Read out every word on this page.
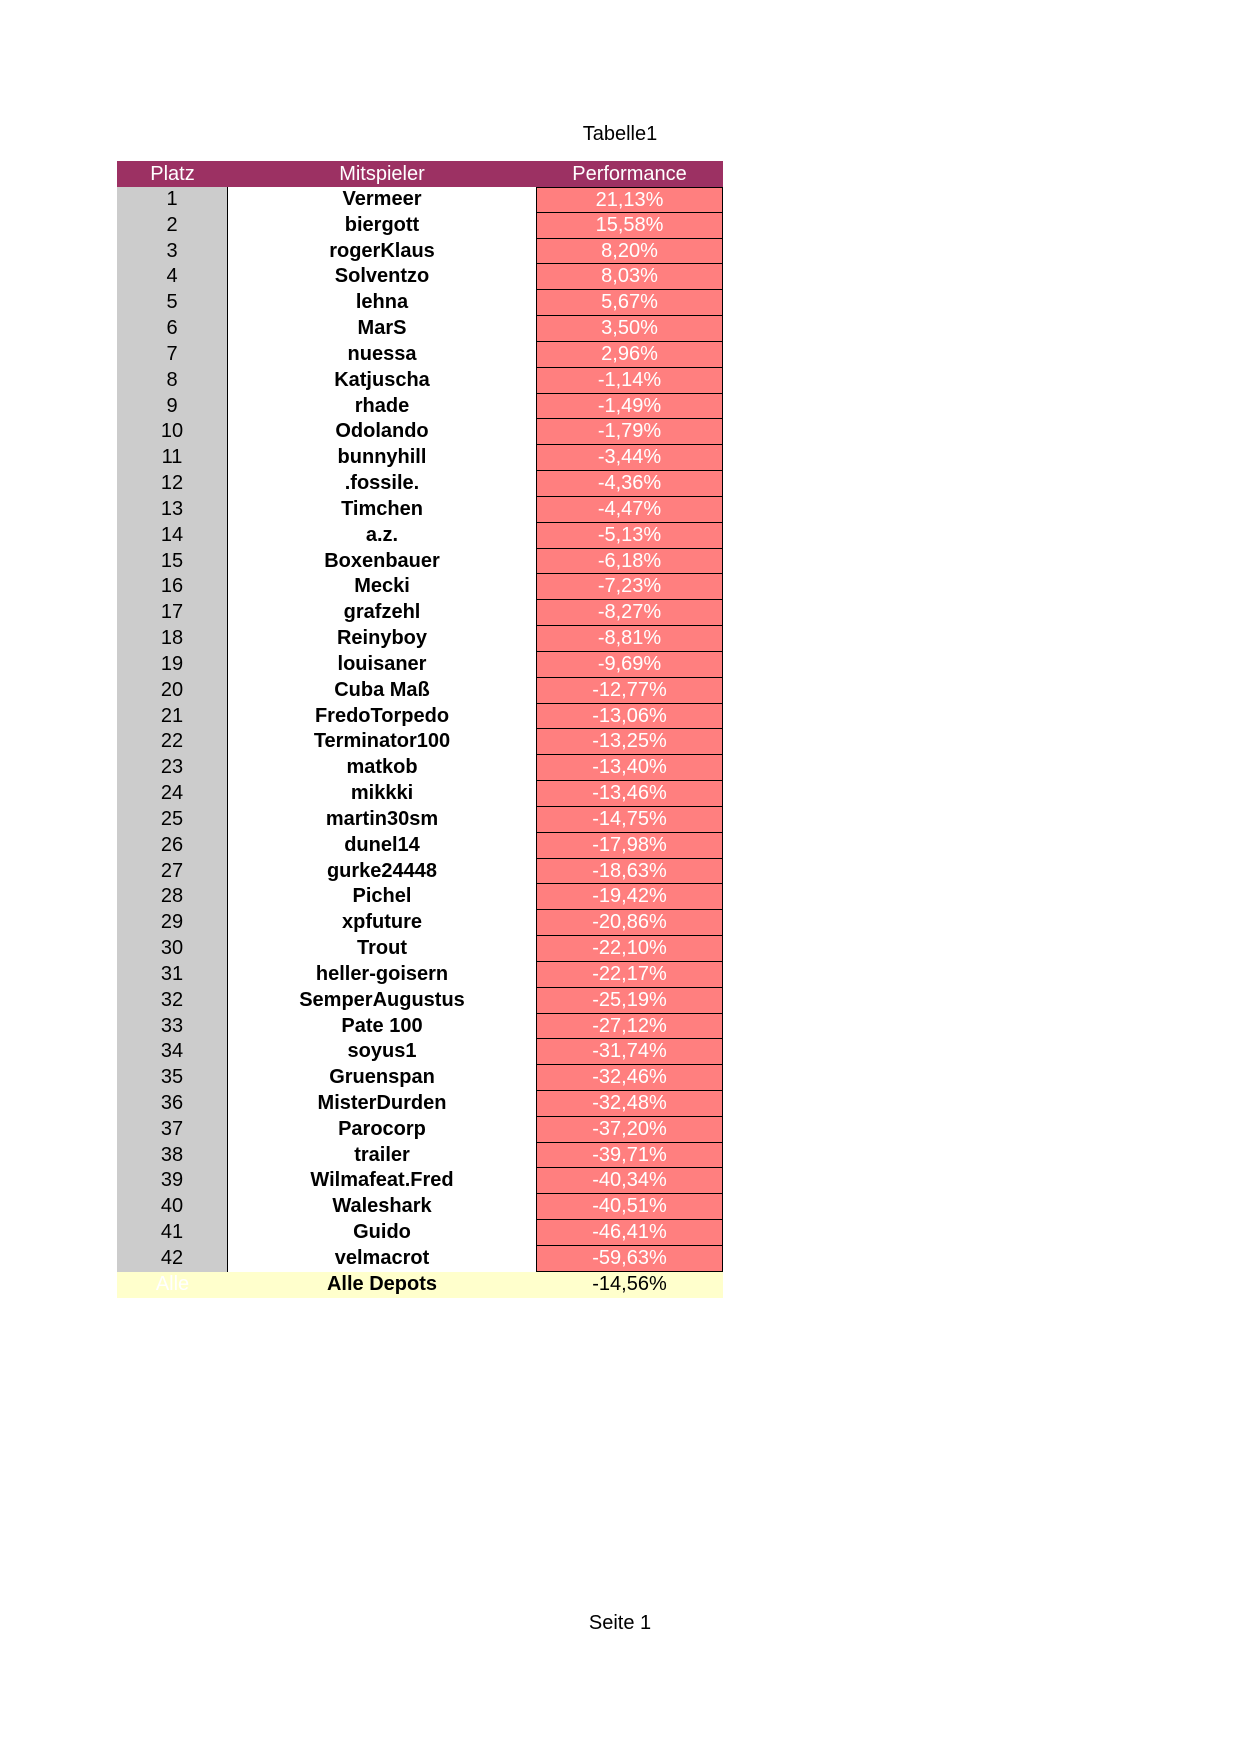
Tabelle1
Platz	Mitspieler	Performance
1	Vermeer	21,13%
2	biergott	15,58%
3	rogerKlaus	8,20%
4	Solventzo	8,03%
5	lehna	5,67%
6	MarS	3,50%
7	nuessa	2,96%
8	Katjuscha	-1,14%
9	rhade	-1,49%
10	Odolando	-1,79%
11	bunnyhill	-3,44%
12	.fossile.	-4,36%
13	Timchen	-4,47%
14	a.z.	-5,13%
15	Boxenbauer	-6,18%
16	Mecki	-7,23%
17	grafzehl	-8,27%
18	Reinyboy	-8,81%
19	louisaner	-9,69%
20	Cuba Maß	-12,77%
21	FredoTorpedo	-13,06%
22	Terminator100	-13,25%
23	matkob	-13,40%
24	mikkki	-13,46%
25	martin30sm	-14,75%
26	dunel14	-17,98%
27	gurke24448	-18,63%
28	Pichel	-19,42%
29	xpfuture	-20,86%
30	Trout	-22,10%
31	heller-goisern	-22,17%
32	SemperAugustus	-25,19%
33	Pate 100	-27,12%
34	soyus1	-31,74%
35	Gruenspan	-32,46%
36	MisterDurden	-32,48%
37	Parocorp	-37,20%
38	trailer	-39,71%
39	Wilmafeat.Fred	-40,34%
40	Waleshark	-40,51%
41	Guido	-46,41%
42	velmacrot	-59,63%
Alle	Alle Depots	-14,56%
Seite 1
